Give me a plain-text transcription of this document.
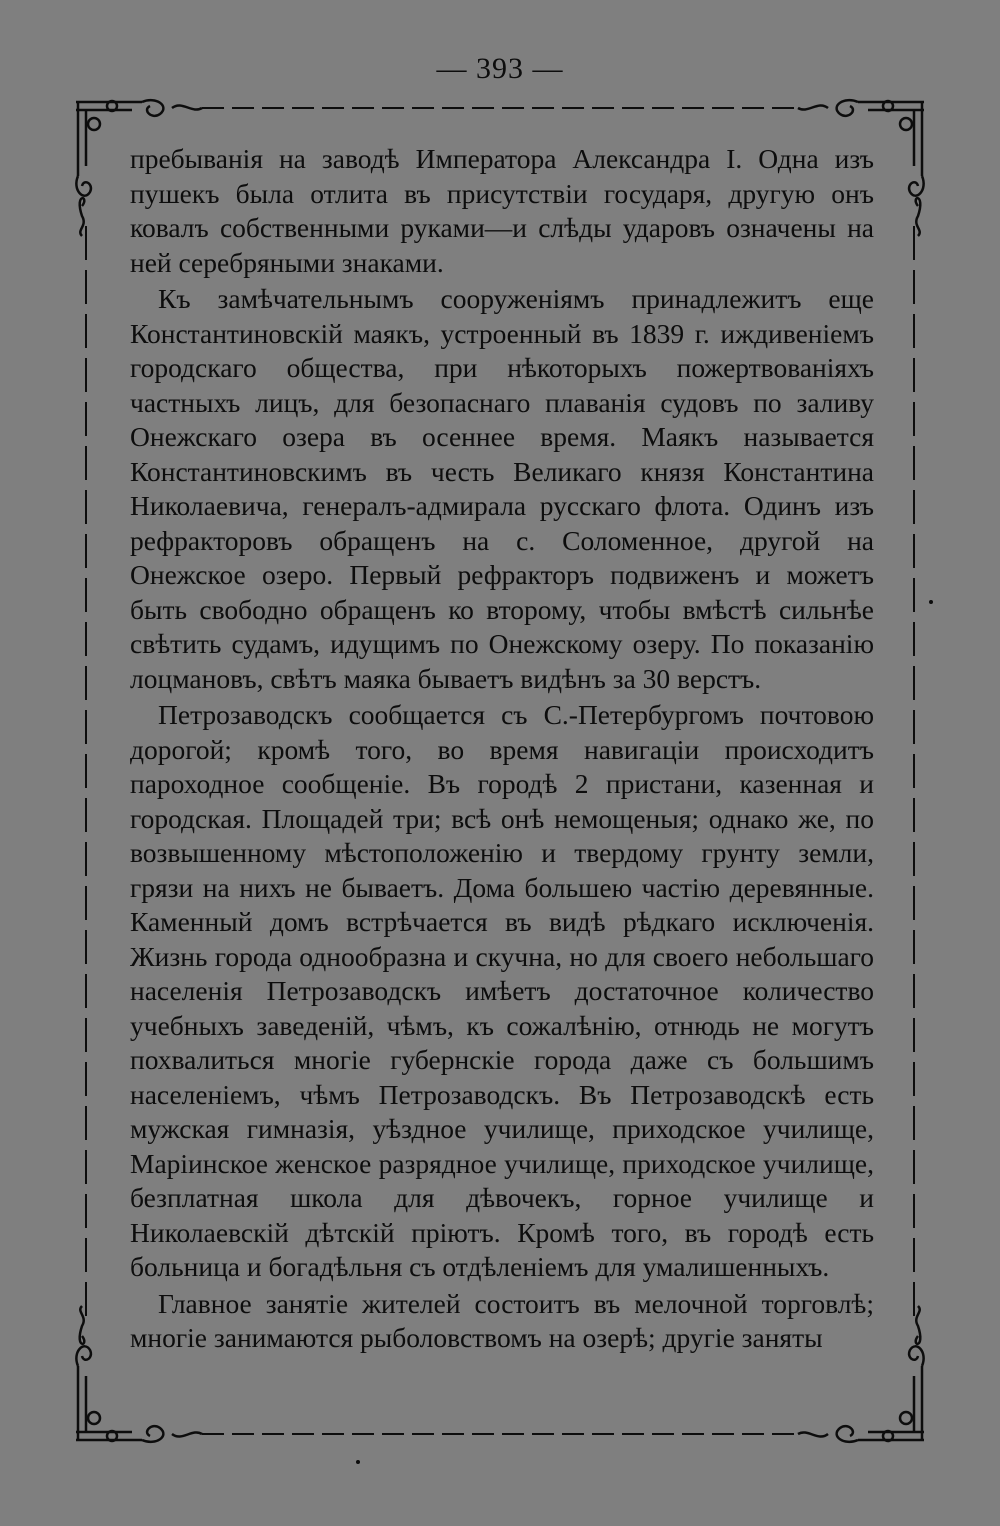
— 393 —

пребыванія на заводѣ Императора Александра I. Одна изъ пушекъ была отлита въ присутствіи государя, другую онъ ковалъ собственными руками—и слѣды ударовъ означены на ней серебряными знаками.

Къ замѣчательнымъ сооруженіямъ принадлежитъ еще Константиновскій маякъ, устроенный въ 1839 г. иждивеніемъ городскаго общества, при нѣкоторыхъ пожертвованіяхъ частныхъ лицъ, для безопаснаго плаванія судовъ по заливу Онежскаго озера въ осеннее время. Маякъ называется Константиновскимъ въ честь Великаго князя Константина Николаевича, генералъ-адмирала русскаго флота. Одинъ изъ рефракторовъ обращенъ на с. Соломенное, другой на Онежское озеро. Первый рефракторъ подвиженъ и можетъ быть свободно обращенъ ко второму, чтобы вмѣстѣ сильнѣе свѣтить судамъ, идущимъ по Онежскому озеру. По показанію лоцмановъ, свѣтъ маяка бываетъ видѣнъ за 30 верстъ.

Петрозаводскъ сообщается съ С.-Петербургомъ почтовою дорогой; кромѣ того, во время навигаціи происходитъ пароходное сообщеніе. Въ городѣ 2 пристани, казенная и городская. Площадей три; всѣ онѣ немощеныя; однако же, по возвышенному мѣстоположенію и твердому грунту земли, грязи на нихъ не бываетъ. Дома большею частію деревянные. Каменный домъ встрѣчается въ видѣ рѣдкаго исключенія. Жизнь города однообразна и скучна, но для своего небольшаго населенія Петрозаводскъ имѣетъ достаточное количество учебныхъ заведеній, чѣмъ, къ сожалѣнію, отнюдь не могутъ похвалиться многіе губернскіе города даже съ большимъ населеніемъ, чѣмъ Петрозаводскъ. Въ Петрозаводскѣ есть мужская гимназія, уѣздное училище, приходское училище, Маріинское женское разрядное училище, приходское училище, безплатная школа для дѣвочекъ, горное училище и Николаевскій дѣтскій пріютъ. Кромѣ того, въ городѣ есть больница и богадѣльня съ отдѣленіемъ для умалишенныхъ.

Главное занятіе жителей состоитъ въ мелочной торговлѣ; многіе занимаются рыболовствомъ на озерѣ; другіе заняты
